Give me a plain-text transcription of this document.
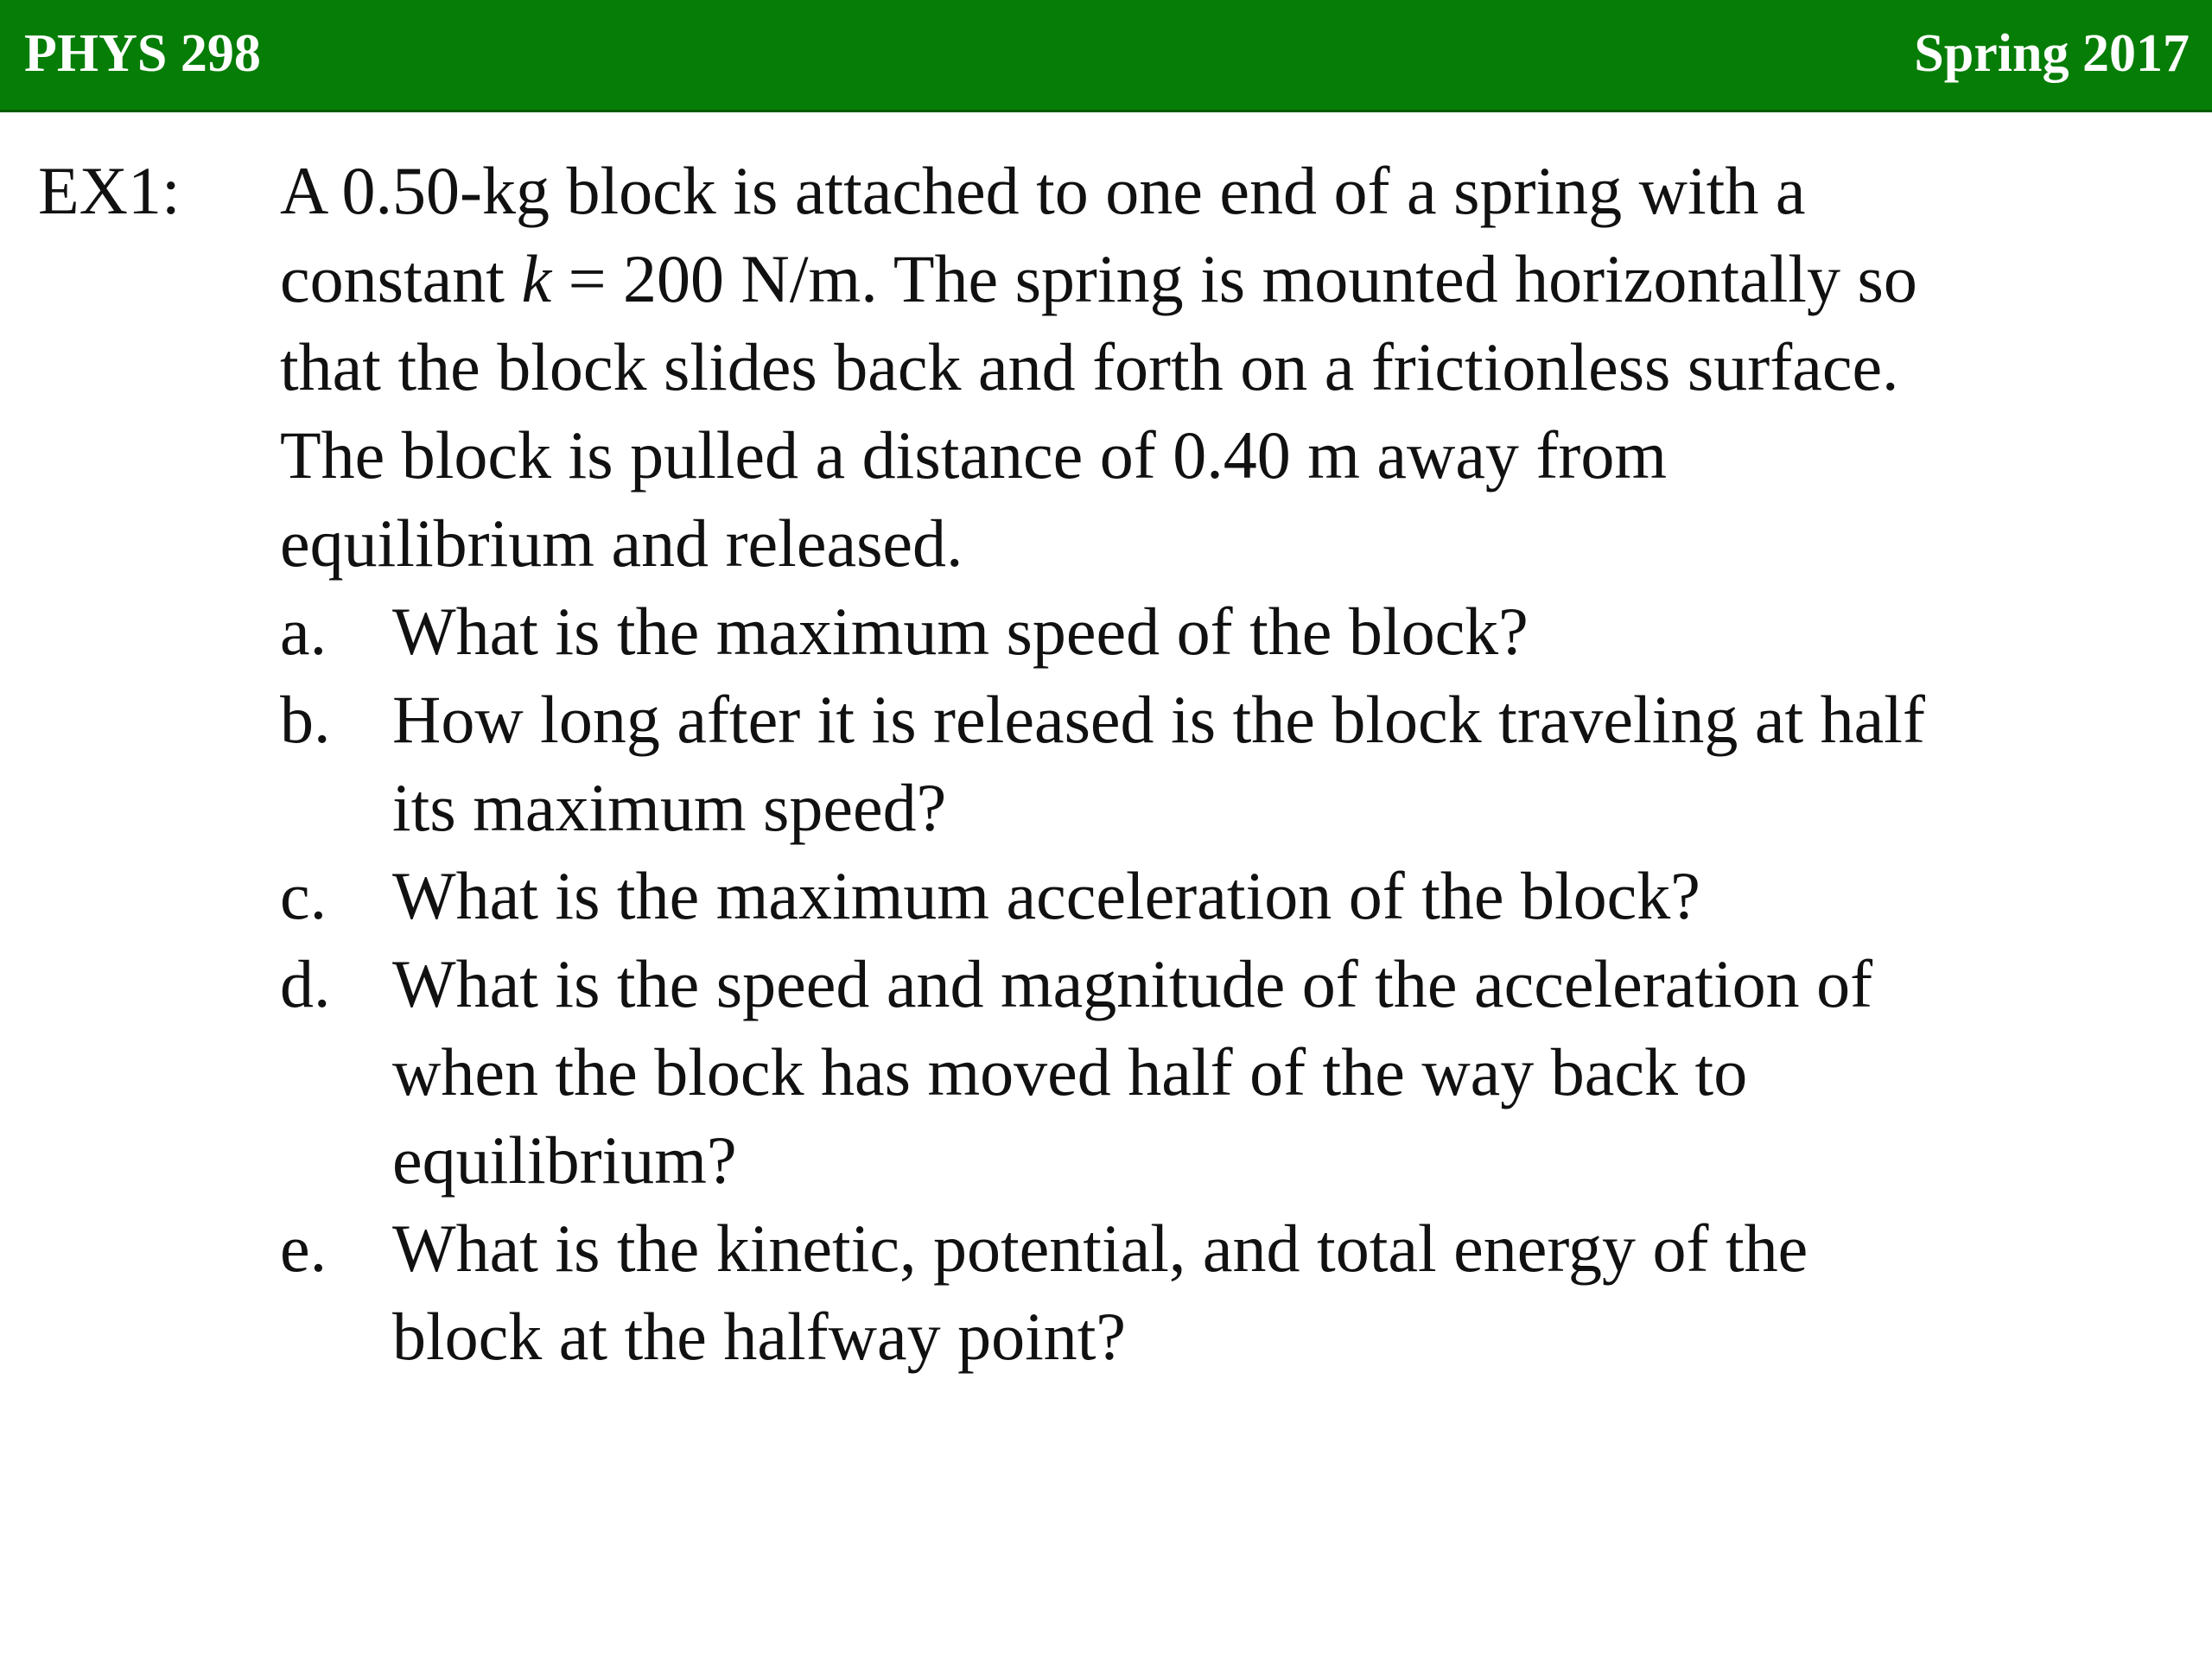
PHYS 298	Spring 2017
EX1: A 0.50-kg block is attached to one end of a spring with a
constant k = 200 N/m. The spring is mounted horizontally so
that the block slides back and forth on a frictionless surface.
The block is pulled a distance of 0.40 m away from
equilibrium and released.
a. What is the maximum speed of the block?
b. How long after it is released is the block traveling at half
its maximum speed?
c. What is the maximum acceleration of the block?
d. What is the speed and magnitude of the acceleration of
when the block has moved half of the way back to
equilibrium?
e. What is the kinetic, potential, and total energy of the
block at the halfway point?
